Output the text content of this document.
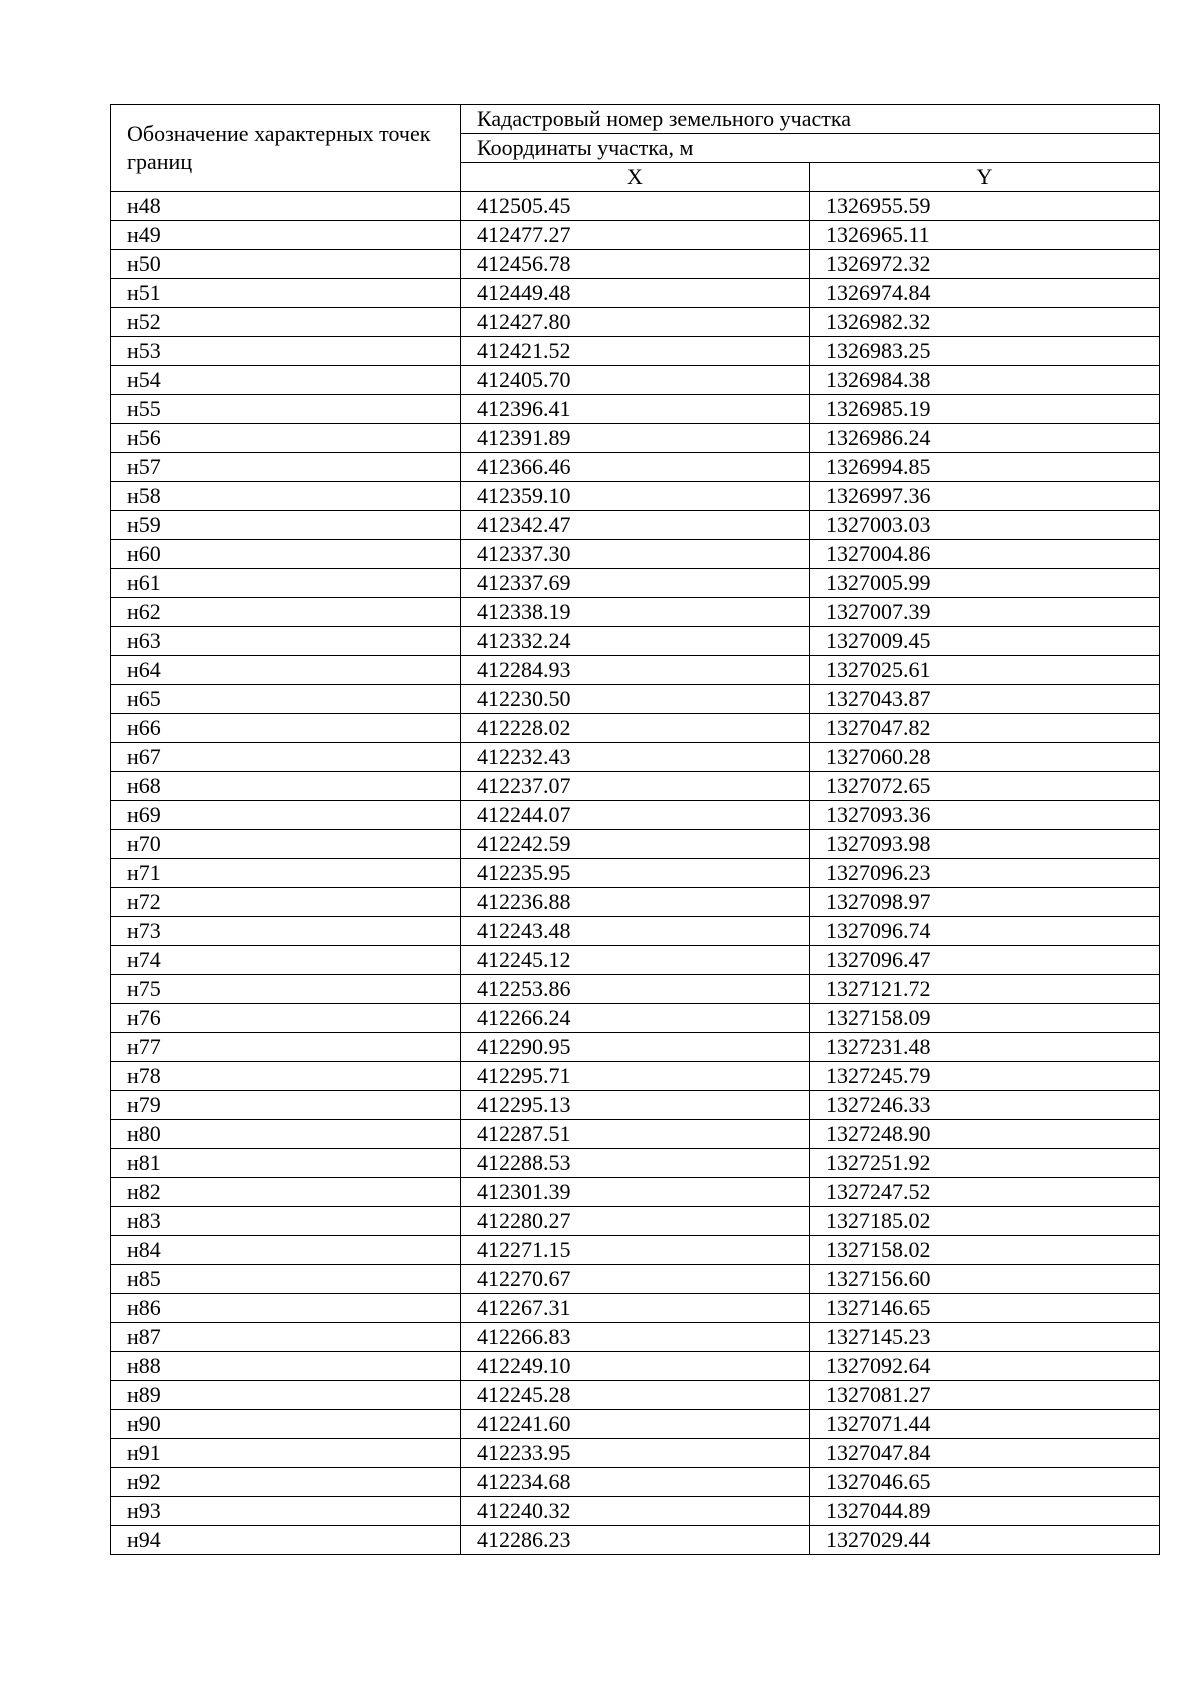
Обозначение характерных точек границ	Кадастровый номер земельного участка	
	Координаты участка, м	
	X	Y
н48	412505.45	1326955.59
н49	412477.27	1326965.11
н50	412456.78	1326972.32
н51	412449.48	1326974.84
н52	412427.80	1326982.32
н53	412421.52	1326983.25
н54	412405.70	1326984.38
н55	412396.41	1326985.19
н56	412391.89	1326986.24
н57	412366.46	1326994.85
н58	412359.10	1326997.36
н59	412342.47	1327003.03
н60	412337.30	1327004.86
н61	412337.69	1327005.99
н62	412338.19	1327007.39
н63	412332.24	1327009.45
н64	412284.93	1327025.61
н65	412230.50	1327043.87
н66	412228.02	1327047.82
н67	412232.43	1327060.28
н68	412237.07	1327072.65
н69	412244.07	1327093.36
н70	412242.59	1327093.98
н71	412235.95	1327096.23
н72	412236.88	1327098.97
н73	412243.48	1327096.74
н74	412245.12	1327096.47
н75	412253.86	1327121.72
н76	412266.24	1327158.09
н77	412290.95	1327231.48
н78	412295.71	1327245.79
н79	412295.13	1327246.33
н80	412287.51	1327248.90
н81	412288.53	1327251.92
н82	412301.39	1327247.52
н83	412280.27	1327185.02
н84	412271.15	1327158.02
н85	412270.67	1327156.60
н86	412267.31	1327146.65
н87	412266.83	1327145.23
н88	412249.10	1327092.64
н89	412245.28	1327081.27
н90	412241.60	1327071.44
н91	412233.95	1327047.84
н92	412234.68	1327046.65
н93	412240.32	1327044.89
н94	412286.23	1327029.44
